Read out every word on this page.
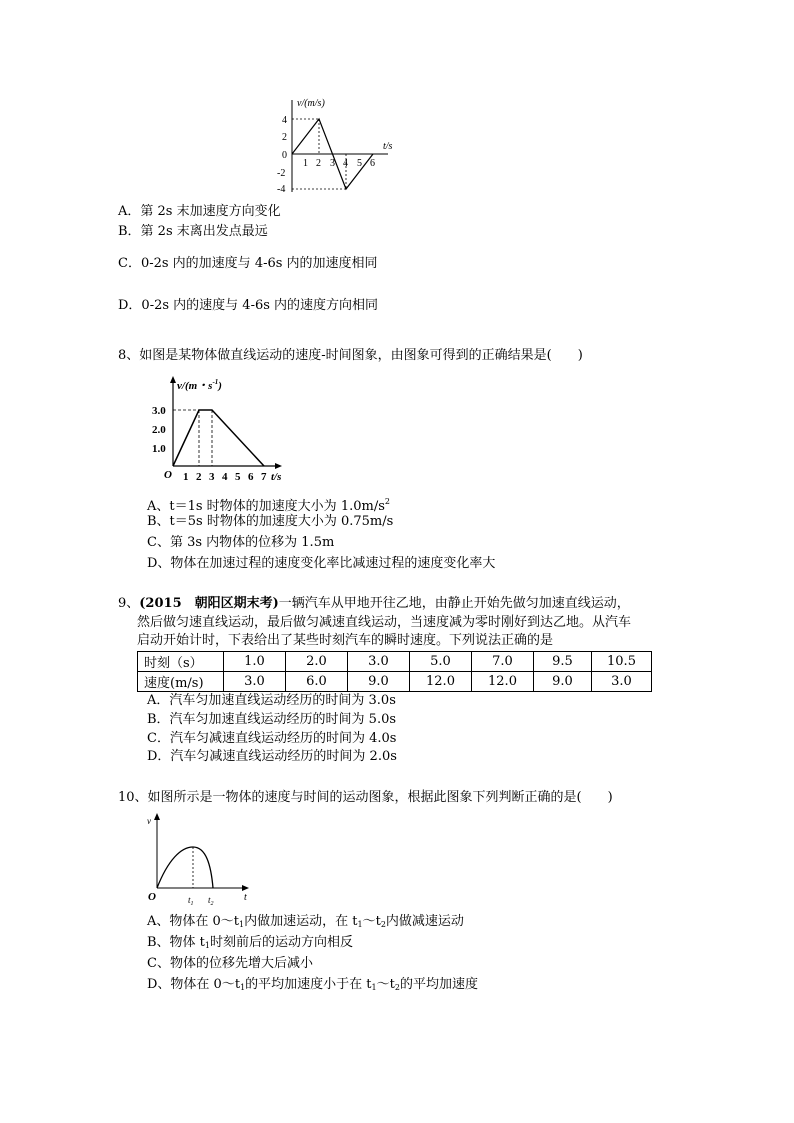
v/(m/s)
t/s
4
2
0
-2
-4
1 2 3 4 5 6
A．第 2s 末加速度方向变化
B．第 2s 末离出发点最远
C．0-2s 内的加速度与 4-6s 内的加速度相同
D．0-2s 内的速度与 4-6s 内的速度方向相同
8、如图是某物体做直线运动的速度-时间图象，由图象可得到的正确结果是(　　)
v/(m・$s^{-1}$)
3.0
2.0
1.0
O 1 2 3 4 5 6 7 t/s
A、t＝1s 时物体的加速度大小为 $1.0m/s^2$
B、t＝5s 时物体的加速度大小为 0.75m/s
C、第 3s 内物体的位移为 1.5m
D、物体在加速过程的速度变化率比减速过程的速度变化率大
9、(2015　朝阳区期末考)一辆汽车从甲地开往乙地，由静止开始先做匀加速直线运动，
然后做匀速直线运动，最后做匀减速直线运动，当速度减为零时刚好到达乙地。从汽车
启动开始计时，下表给出了某些时刻汽车的瞬时速度。下列说法正确的是
时刻（s）	1.0	2.0	3.0	5.0	7.0	9.5	10.5
速度(m/s)	3.0	6.0	9.0	12.0	12.0	9.0	3.0
A．汽车匀加速直线运动经历的时间为 3.0s
B．汽车匀加速直线运动经历的时间为 5.0s
C．汽车匀减速直线运动经历的时间为 4.0s
D．汽车匀减速直线运动经历的时间为 2.0s
10、如图所示是一物体的速度与时间的运动图象，根据此图象下列判断正确的是(　　)
v
t
O	$t_1$ $t_2$
A、物体在 $0\sim t_1$内做加速运动，在 $t_1\sim t_2$内做减速运动
B、物体 $t_1$时刻前后的运动方向相反
C、物体的位移先增大后减小
D、物体在 $0\sim t_1$的平均加速度小于在 $t_1\sim t_2$的平均加速度
